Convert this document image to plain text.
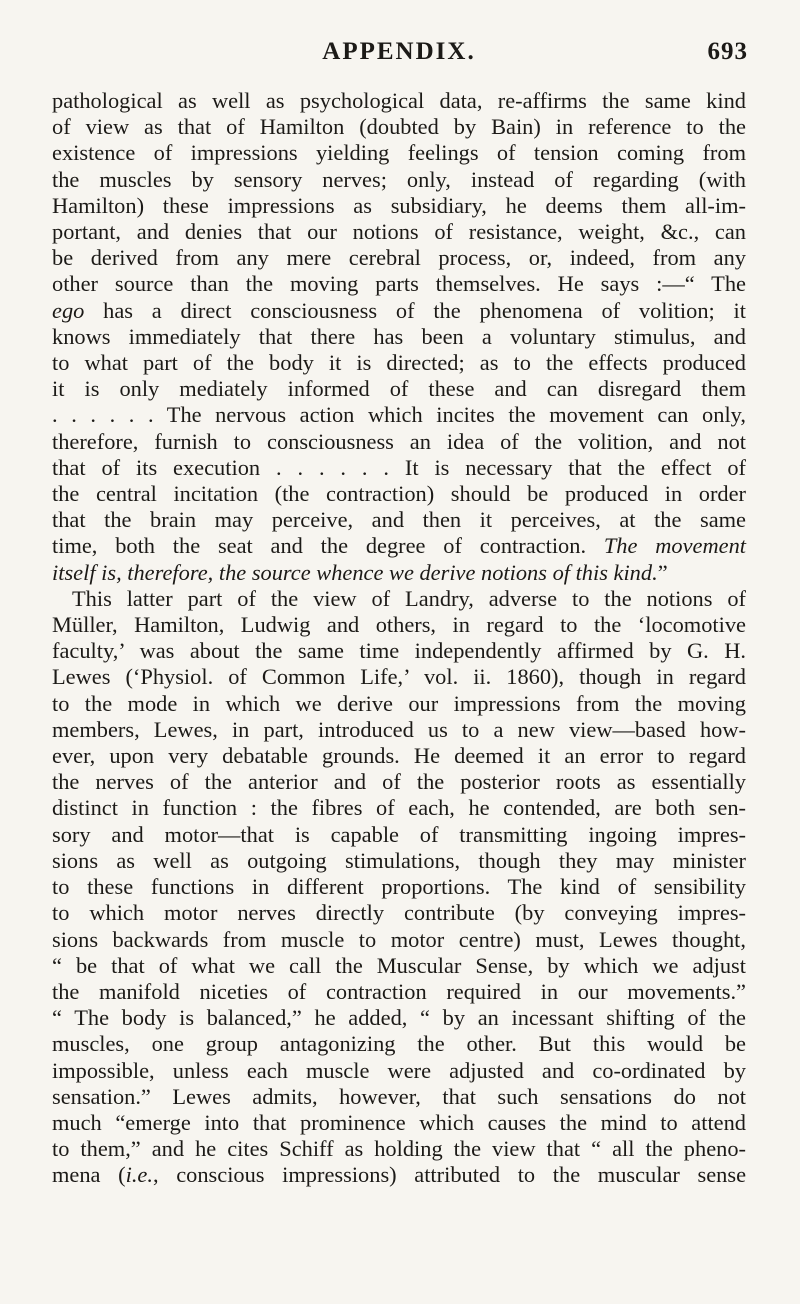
APPENDIX.	693
pathological as well as psychological data, re-affirms the same kind
of view as that of Hamilton (doubted by Bain) in reference to the
existence of impressions yielding feelings of tension coming from
the muscles by sensory nerves; only, instead of regarding (with
Hamilton) these impressions as subsidiary, he deems them all-im-
portant, and denies that our notions of resistance, weight, &c., can
be derived from any mere cerebral process, or, indeed, from any
other source than the moving parts themselves. He says :—“ The
ego has a direct consciousness of the phenomena of volition; it
knows immediately that there has been a voluntary stimulus, and
to what part of the body it is directed; as to the effects produced
it is only mediately informed of these and can disregard them
. . . . . . The nervous action which incites the movement can only,
therefore, furnish to consciousness an idea of the volition, and not
that of its execution . . . . . . It is necessary that the effect of
the central incitation (the contraction) should be produced in order
that the brain may perceive, and then it perceives, at the same
time, both the seat and the degree of contraction. The movement
itself is, therefore, the source whence we derive notions of this kind.”
This latter part of the view of Landry, adverse to the notions of
Müller, Hamilton, Ludwig and others, in regard to the ‘locomotive
faculty,’ was about the same time independently affirmed by G. H.
Lewes (‘Physiol. of Common Life,’ vol. ii. 1860), though in regard
to the mode in which we derive our impressions from the moving
members, Lewes, in part, introduced us to a new view—based how-
ever, upon very debatable grounds. He deemed it an error to regard
the nerves of the anterior and of the posterior roots as essentially
distinct in function : the fibres of each, he contended, are both sen-
sory and motor—that is capable of transmitting ingoing impres-
sions as well as outgoing stimulations, though they may minister
to these functions in different proportions. The kind of sensibility
to which motor nerves directly contribute (by conveying impres-
sions backwards from muscle to motor centre) must, Lewes thought,
“ be that of what we call the Muscular Sense, by which we adjust
the manifold niceties of contraction required in our movements.”
“ The body is balanced,” he added, “ by an incessant shifting of the
muscles, one group antagonizing the other. But this would be
impossible, unless each muscle were adjusted and co-ordinated by
sensation.” Lewes admits, however, that such sensations do not
much “emerge into that prominence which causes the mind to attend
to them,” and he cites Schiff as holding the view that “ all the pheno-
mena (i.e., conscious impressions) attributed to the muscular sense
